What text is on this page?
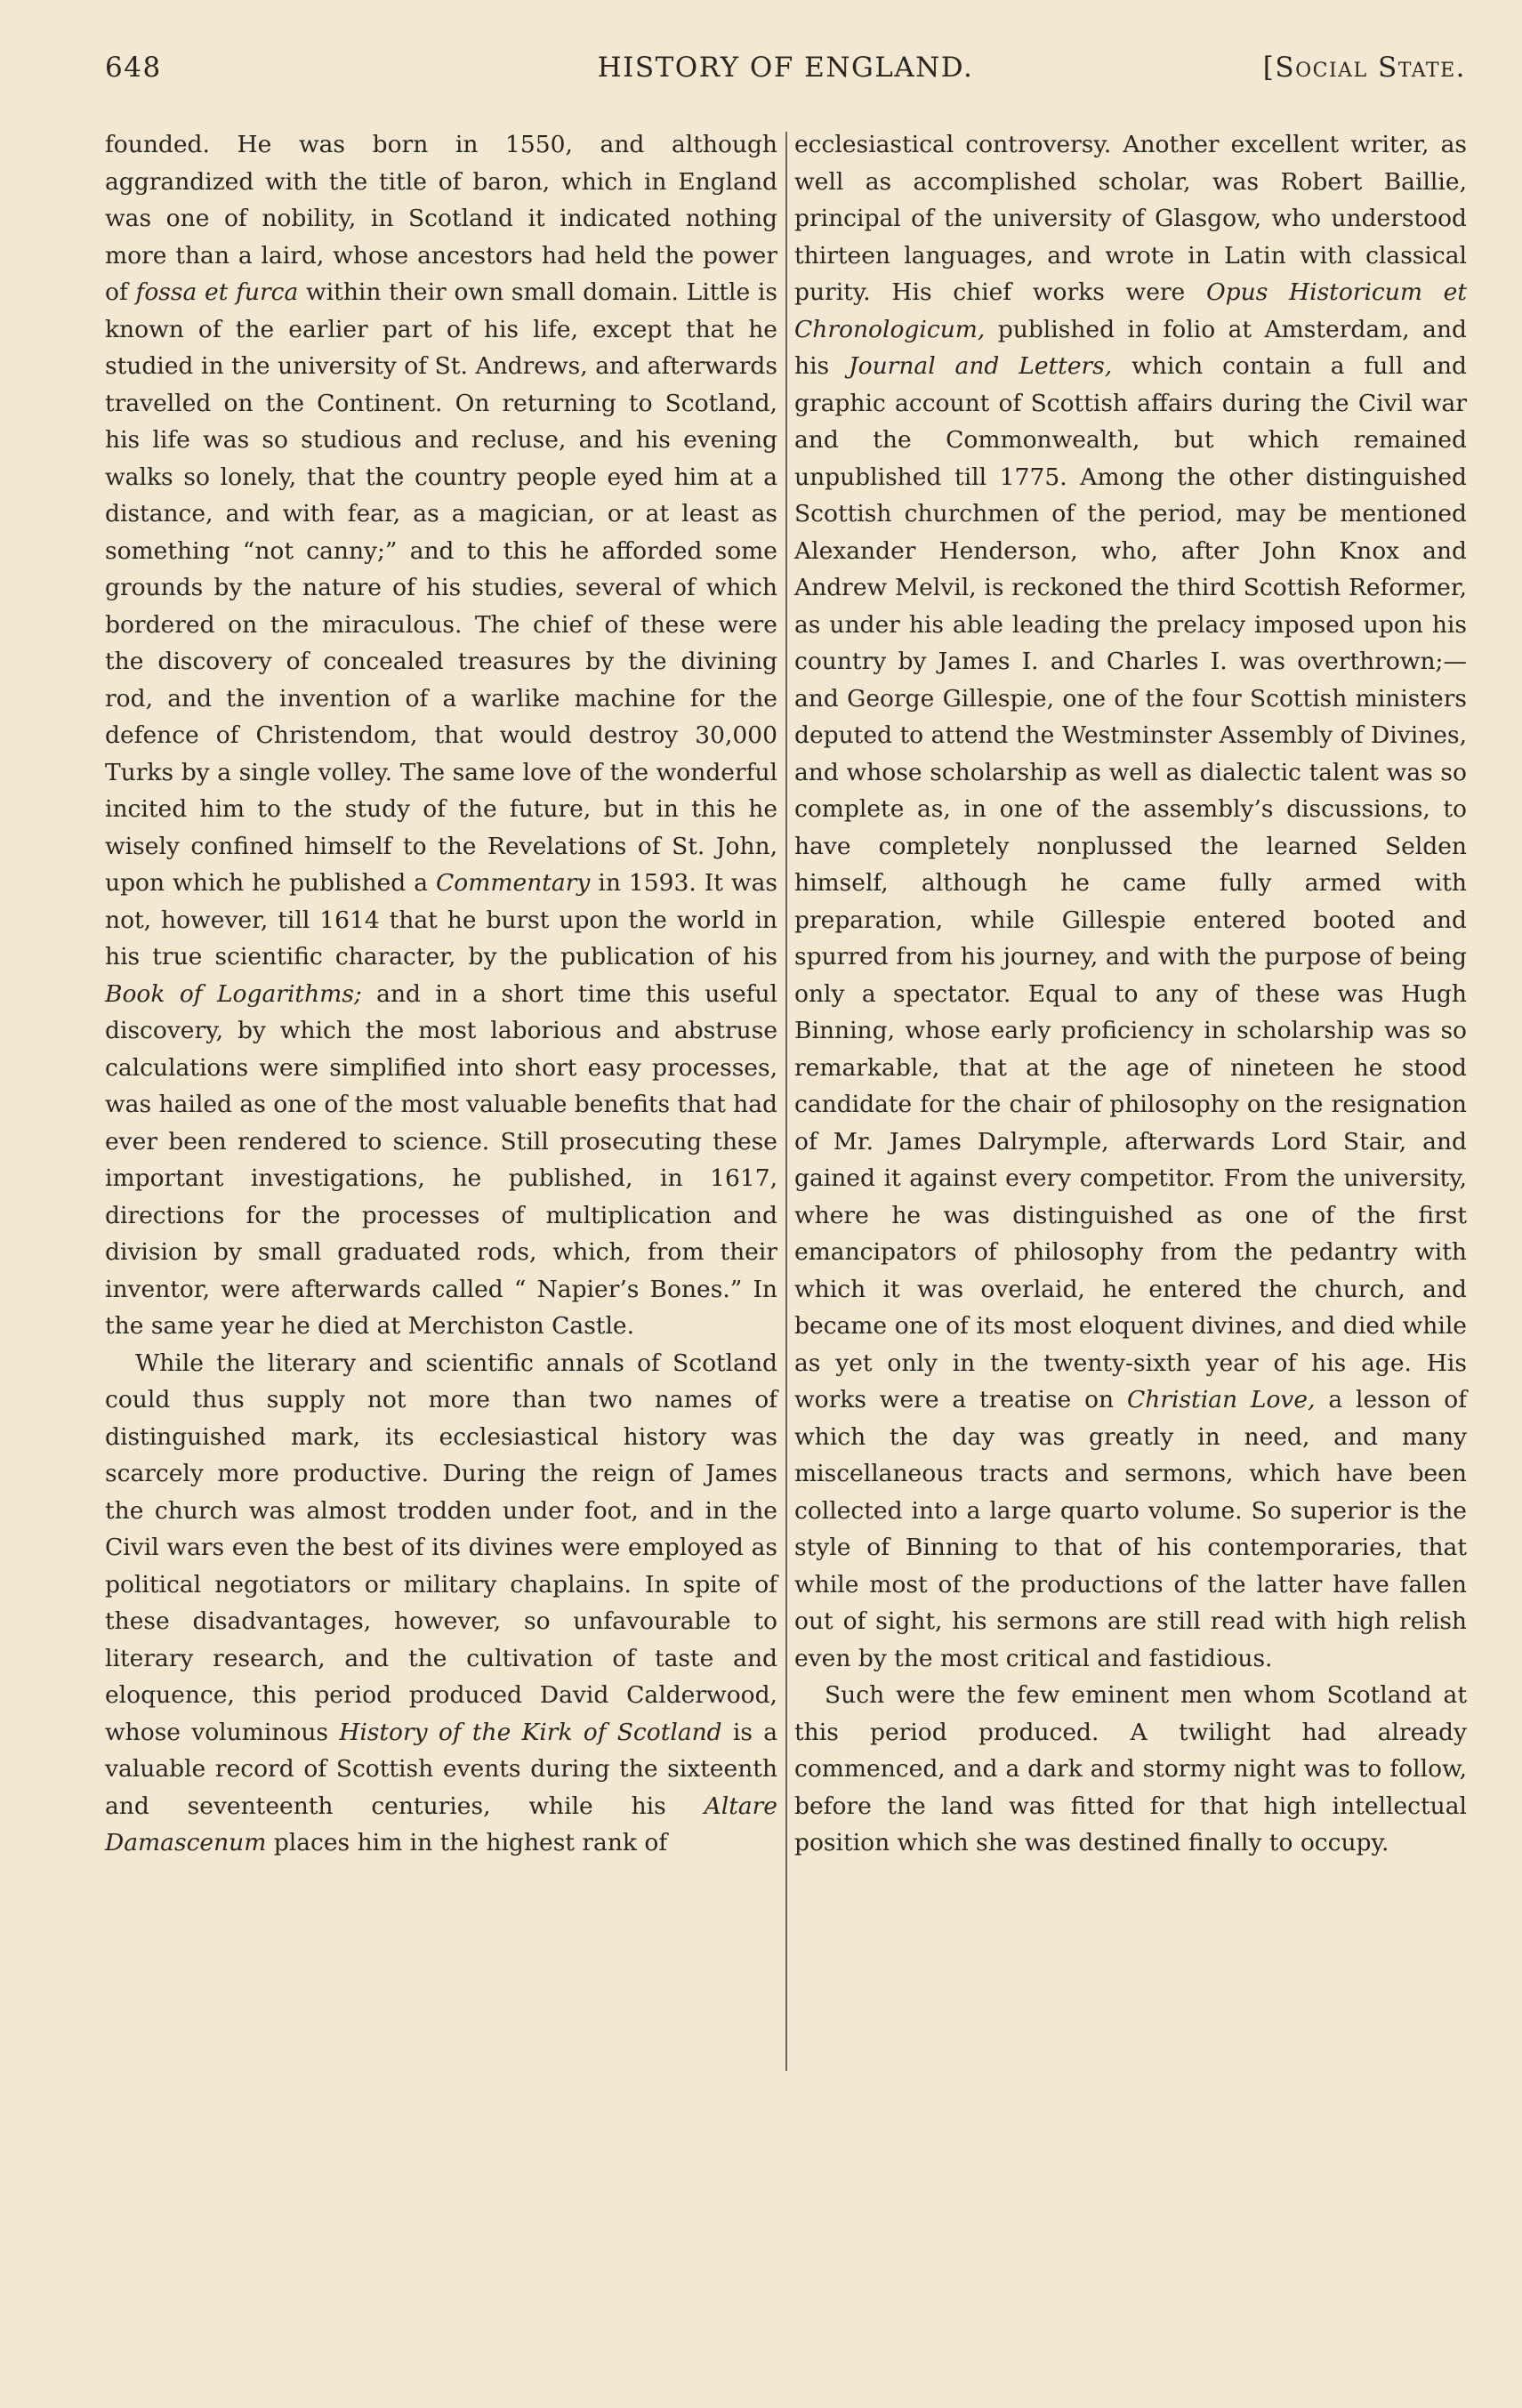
648	HISTORY OF ENGLAND.	[Social State.

founded. He was born in 1550, and although aggrandized with the title of baron, which in England was one of nobility, in Scotland it indicated nothing more than a laird, whose ancestors had held the power of fossa et furca within their own small domain. Little is known of the earlier part of his life, except that he studied in the university of St. Andrews, and afterwards travelled on the Continent. On returning to Scotland, his life was so studious and recluse, and his evening walks so lonely, that the country people eyed him at a distance, and with fear, as a magician, or at least as something “not canny;” and to this he afforded some grounds by the nature of his studies, several of which bordered on the miraculous. The chief of these were the discovery of concealed treasures by the divining rod, and the invention of a warlike machine for the defence of Christendom, that would destroy 30,000 Turks by a single volley. The same love of the wonderful incited him to the study of the future, but in this he wisely confined himself to the Revelations of St. John, upon which he published a Commentary in 1593. It was not, however, till 1614 that he burst upon the world in his true scientific character, by the publication of his Book of Logarithms; and in a short time this useful discovery, by which the most laborious and abstruse calculations were simplified into short easy processes, was hailed as one of the most valuable benefits that had ever been rendered to science. Still prosecuting these important investigations, he published, in 1617, directions for the processes of multiplication and division by small graduated rods, which, from their inventor, were afterwards called “ Napier’s Bones.” In the same year he died at Merchiston Castle.

While the literary and scientific annals of Scotland could thus supply not more than two names of distinguished mark, its ecclesiastical history was scarcely more productive. During the reign of James the church was almost trodden under foot, and in the Civil wars even the best of its divines were employed as political negotiators or military chaplains. In spite of these disadvantages, however, so unfavourable to literary research, and the cultivation of taste and eloquence, this period produced David Calderwood, whose voluminous History of the Kirk of Scotland is a valuable record of Scottish events during the sixteenth and seventeenth centuries, while his Altare Damascenum places him in the highest rank of

ecclesiastical controversy. Another excellent writer, as well as accomplished scholar, was Robert Baillie, principal of the university of Glasgow, who understood thirteen languages, and wrote in Latin with classical purity. His chief works were Opus Historicum et Chronologicum, published in folio at Amsterdam, and his Journal and Letters, which contain a full and graphic account of Scottish affairs during the Civil war and the Commonwealth, but which remained unpublished till 1775. Among the other distinguished Scottish churchmen of the period, may be mentioned Alexander Henderson, who, after John Knox and Andrew Melvil, is reckoned the third Scottish Reformer, as under his able leading the prelacy imposed upon his country by James I. and Charles I. was overthrown;—and George Gillespie, one of the four Scottish ministers deputed to attend the Westminster Assembly of Divines, and whose scholarship as well as dialectic talent was so complete as, in one of the assembly’s discussions, to have completely nonplussed the learned Selden himself, although he came fully armed with preparation, while Gillespie entered booted and spurred from his journey, and with the purpose of being only a spectator. Equal to any of these was Hugh Binning, whose early proficiency in scholarship was so remarkable, that at the age of nineteen he stood candidate for the chair of philosophy on the resignation of Mr. James Dalrymple, afterwards Lord Stair, and gained it against every competitor. From the university, where he was distinguished as one of the first emancipators of philosophy from the pedantry with which it was overlaid, he entered the church, and became one of its most eloquent divines, and died while as yet only in the twenty-sixth year of his age. His works were a treatise on Christian Love, a lesson of which the day was greatly in need, and many miscellaneous tracts and sermons, which have been collected into a large quarto volume. So superior is the style of Binning to that of his contemporaries, that while most of the productions of the latter have fallen out of sight, his sermons are still read with high relish even by the most critical and fastidious.

Such were the few eminent men whom Scotland at this period produced. A twilight had already commenced, and a dark and stormy night was to follow, before the land was fitted for that high intellectual position which she was destined finally to occupy.
